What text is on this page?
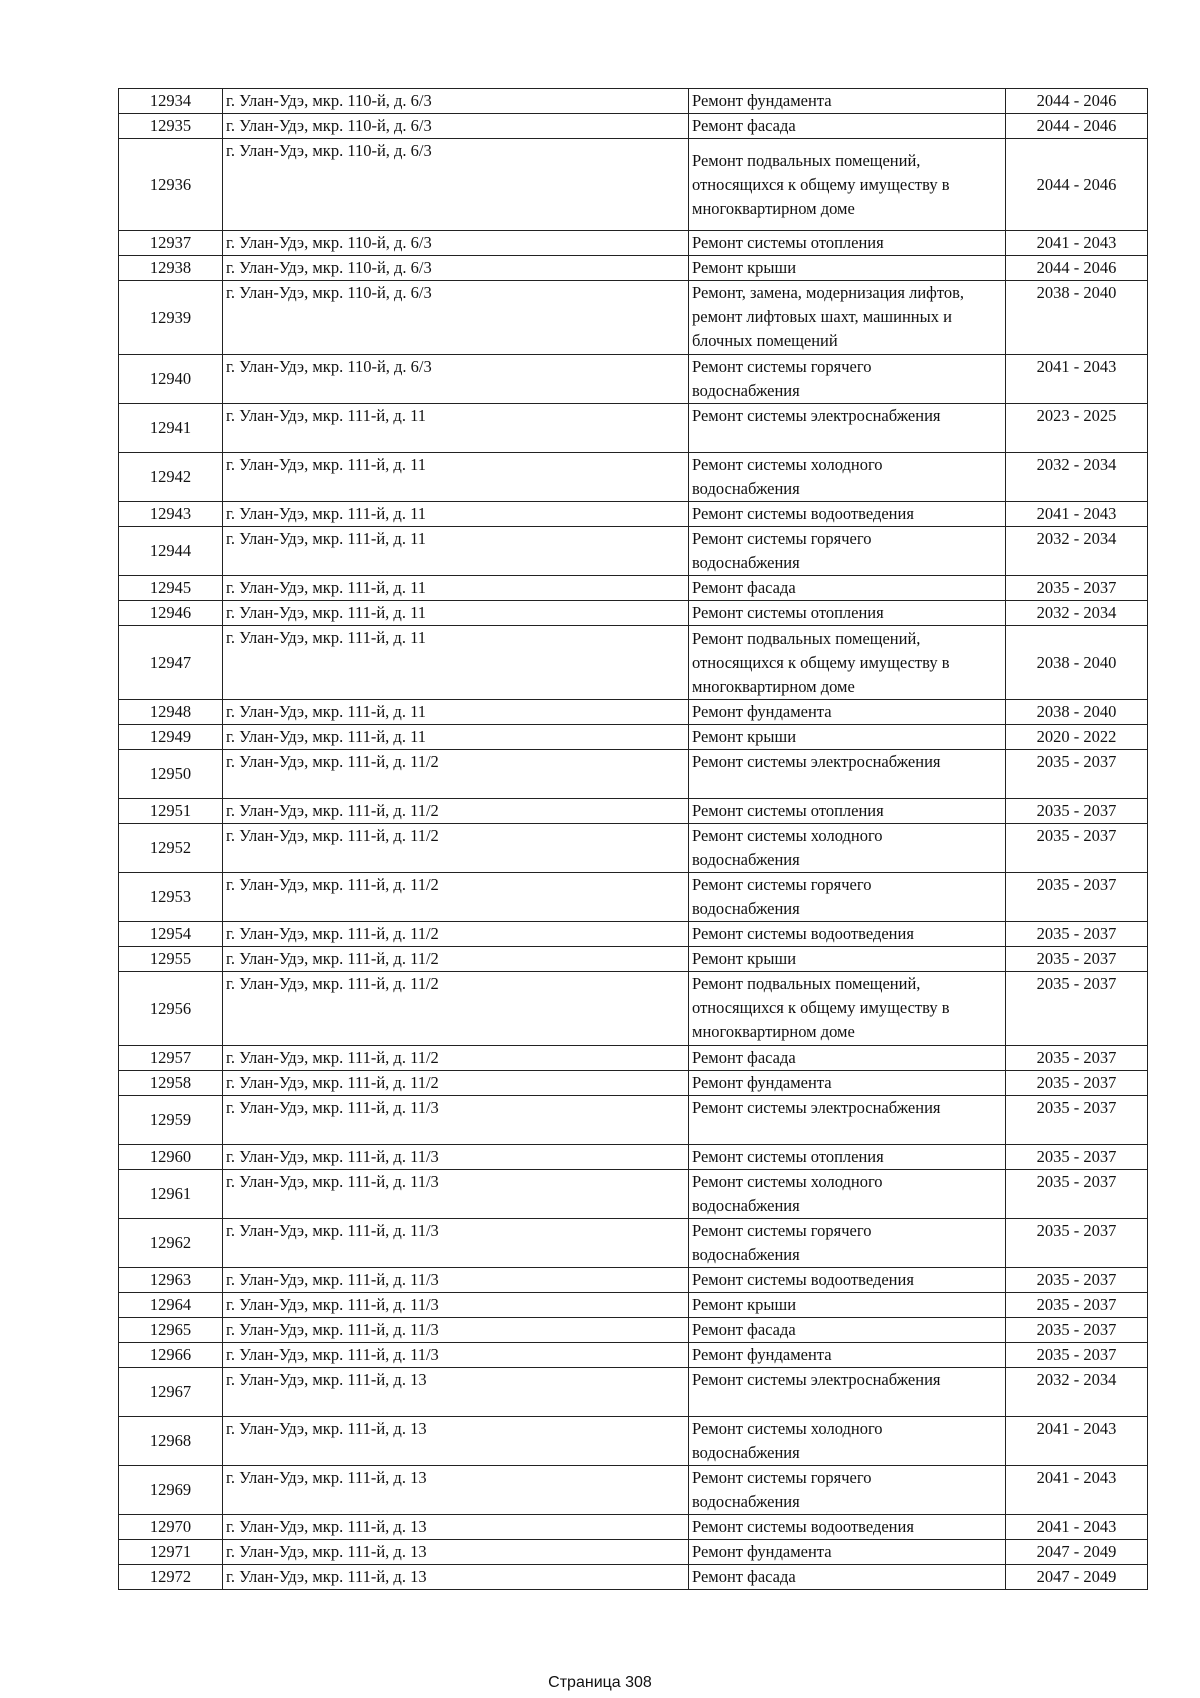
12934	г. Улан-Удэ, мкр. 110-й, д. 6/3	Ремонт фундамента	2044 - 2046
12935	г. Улан-Удэ, мкр. 110-й, д. 6/3	Ремонт фасада	2044 - 2046
12936	г. Улан-Удэ, мкр. 110-й, д. 6/3	Ремонт подвальных помещений,
относящихся к общему имуществу в
многоквартирном доме	2044 - 2046
12937	г. Улан-Удэ, мкр. 110-й, д. 6/3	Ремонт системы отопления	2041 - 2043
12938	г. Улан-Удэ, мкр. 110-й, д. 6/3	Ремонт крыши	2044 - 2046
12939	г. Улан-Удэ, мкр. 110-й, д. 6/3	Ремонт, замена, модернизация лифтов,
ремонт лифтовых шахт, машинных и
блочных помещений	2038 - 2040
12940	г. Улан-Удэ, мкр. 110-й, д. 6/3	Ремонт системы горячего
водоснабжения	2041 - 2043
12941	г. Улан-Удэ, мкр. 111-й, д. 11	Ремонт системы электроснабжения	2023 - 2025
12942	г. Улан-Удэ, мкр. 111-й, д. 11	Ремонт системы холодного
водоснабжения	2032 - 2034
12943	г. Улан-Удэ, мкр. 111-й, д. 11	Ремонт системы водоотведения	2041 - 2043
12944	г. Улан-Удэ, мкр. 111-й, д. 11	Ремонт системы горячего
водоснабжения	2032 - 2034
12945	г. Улан-Удэ, мкр. 111-й, д. 11	Ремонт фасада	2035 - 2037
12946	г. Улан-Удэ, мкр. 111-й, д. 11	Ремонт системы отопления	2032 - 2034
12947	г. Улан-Удэ, мкр. 111-й, д. 11	Ремонт подвальных помещений,
относящихся к общему имуществу в
многоквартирном доме	2038 - 2040
12948	г. Улан-Удэ, мкр. 111-й, д. 11	Ремонт фундамента	2038 - 2040
12949	г. Улан-Удэ, мкр. 111-й, д. 11	Ремонт крыши	2020 - 2022
12950	г. Улан-Удэ, мкр. 111-й, д. 11/2	Ремонт системы электроснабжения	2035 - 2037
12951	г. Улан-Удэ, мкр. 111-й, д. 11/2	Ремонт системы отопления	2035 - 2037
12952	г. Улан-Удэ, мкр. 111-й, д. 11/2	Ремонт системы холодного
водоснабжения	2035 - 2037
12953	г. Улан-Удэ, мкр. 111-й, д. 11/2	Ремонт системы горячего
водоснабжения	2035 - 2037
12954	г. Улан-Удэ, мкр. 111-й, д. 11/2	Ремонт системы водоотведения	2035 - 2037
12955	г. Улан-Удэ, мкр. 111-й, д. 11/2	Ремонт крыши	2035 - 2037
12956	г. Улан-Удэ, мкр. 111-й, д. 11/2	Ремонт подвальных помещений,
относящихся к общему имуществу в
многоквартирном доме	2035 - 2037
12957	г. Улан-Удэ, мкр. 111-й, д. 11/2	Ремонт фасада	2035 - 2037
12958	г. Улан-Удэ, мкр. 111-й, д. 11/2	Ремонт фундамента	2035 - 2037
12959	г. Улан-Удэ, мкр. 111-й, д. 11/3	Ремонт системы электроснабжения	2035 - 2037
12960	г. Улан-Удэ, мкр. 111-й, д. 11/3	Ремонт системы отопления	2035 - 2037
12961	г. Улан-Удэ, мкр. 111-й, д. 11/3	Ремонт системы холодного
водоснабжения	2035 - 2037
12962	г. Улан-Удэ, мкр. 111-й, д. 11/3	Ремонт системы горячего
водоснабжения	2035 - 2037
12963	г. Улан-Удэ, мкр. 111-й, д. 11/3	Ремонт системы водоотведения	2035 - 2037
12964	г. Улан-Удэ, мкр. 111-й, д. 11/3	Ремонт крыши	2035 - 2037
12965	г. Улан-Удэ, мкр. 111-й, д. 11/3	Ремонт фасада	2035 - 2037
12966	г. Улан-Удэ, мкр. 111-й, д. 11/3	Ремонт фундамента	2035 - 2037
12967	г. Улан-Удэ, мкр. 111-й, д. 13	Ремонт системы электроснабжения	2032 - 2034
12968	г. Улан-Удэ, мкр. 111-й, д. 13	Ремонт системы холодного
водоснабжения	2041 - 2043
12969	г. Улан-Удэ, мкр. 111-й, д. 13	Ремонт системы горячего
водоснабжения	2041 - 2043
12970	г. Улан-Удэ, мкр. 111-й, д. 13	Ремонт системы водоотведения	2041 - 2043
12971	г. Улан-Удэ, мкр. 111-й, д. 13	Ремонт фундамента	2047 - 2049
12972	г. Улан-Удэ, мкр. 111-й, д. 13	Ремонт фасада	2047 - 2049
Страница 308
